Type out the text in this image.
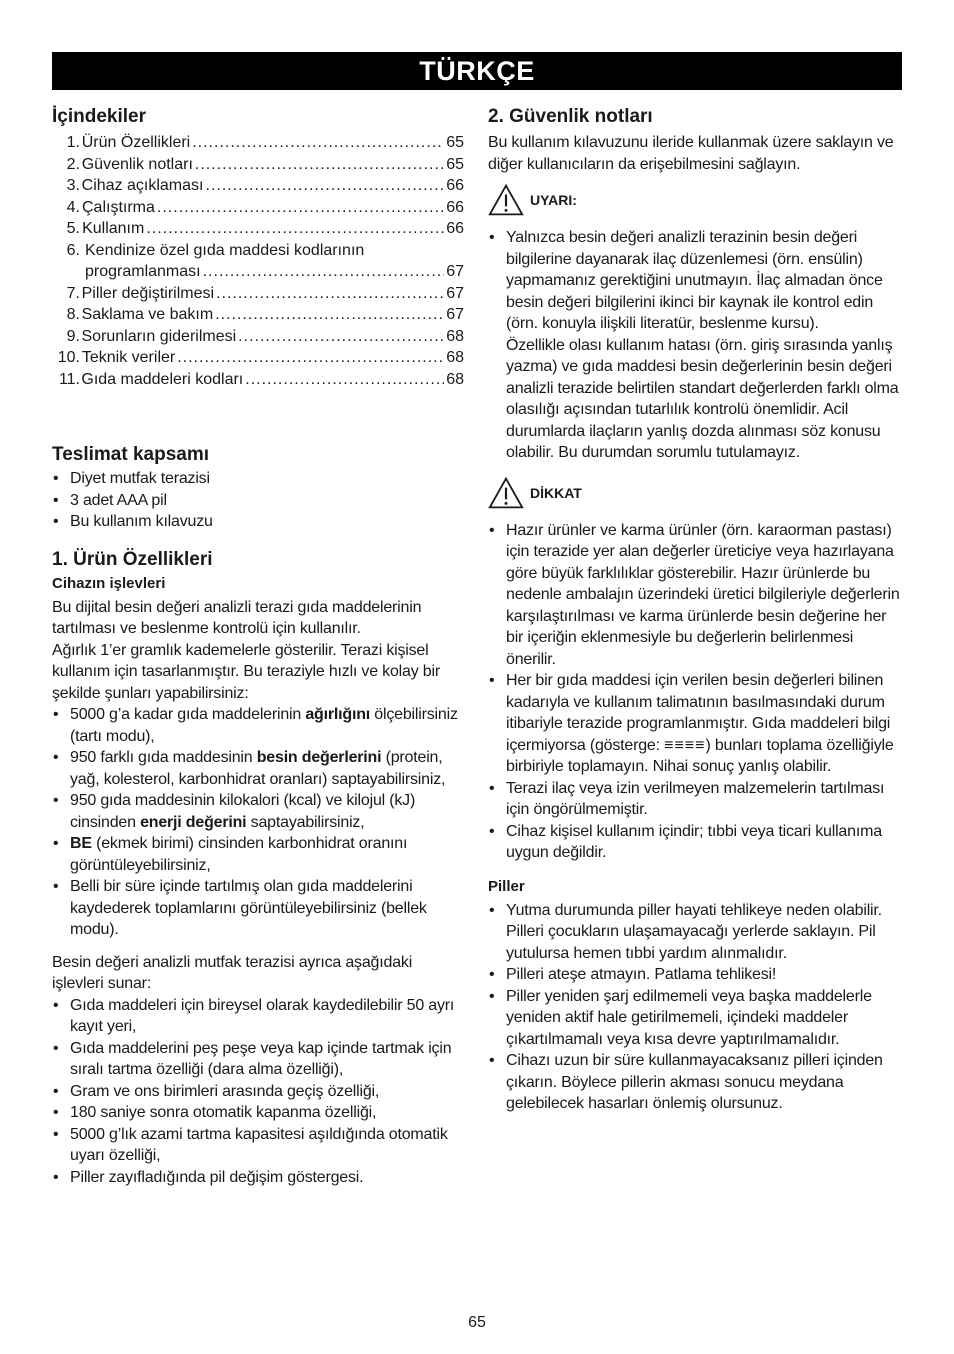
TÜRKÇE
İçindekiler
1. Ürün Özellikleri .....	65
2. Güvenlik notları .....	65
3. Cihaz açıklaması .....	66
4. Çalıştırma .....	66
5. Kullanım .....	66
6. Kendinize özel gıda maddesi kodlarının
programlanması .....	67
7. Piller değiştirilmesi .....	67
8. Saklama ve bakım .....	67
9. Sorunların giderilmesi .....	68
10. Teknik veriler .....	68
11. Gıda maddeleri kodları .....	68
Teslimat kapsamı
• Diyet mutfak terazisi
• 3 adet AAA pil
• Bu kullanım kılavuzu
1. Ürün Özellikleri
Cihazın işlevleri

Bu dijital besin değeri analizli terazi gıda maddelerinin tartılması ve beslenme kontrolü için kullanılır.

Ağırlık 1’er gramlık kademelerle gösterilir. Terazi kişisel kullanım için tasarlanmıştır. Bu teraziyle hızlı ve kolay bir şekilde şunları yapabilirsiniz:

• 5000 g’a kadar gıda maddelerinin ağırlığını ölçebilirsiniz (tartı modu),
• 950 farklı gıda maddesinin besin değerlerini (protein, yağ, kolesterol, karbonhidrat oranları) saptayabilirsiniz,
• 950 gıda maddesinin kilokalori (kcal) ve kilojul (kJ) cinsinden enerji değerini saptayabilirsiniz,
• BE (ekmek birimi) cinsinden karbonhidrat oranını görüntüleyebilirsiniz,
• Belli bir süre içinde tartılmış olan gıda maddelerini kaydederek toplamlarını görüntüleyebilirsiniz (bellek modu).

Besin değeri analizli mutfak terazisi ayrıca aşağıdaki işlevleri sunar:

• Gıda maddeleri için bireysel olarak kaydedilebilir 50 ayrı kayıt yeri,
• Gıda maddelerini peş peşe veya kap içinde tartmak için sıralı tartma özelliği (dara alma özelliği),
• Gram ve ons birimleri arasında geçiş özelliği,
• 180 saniye sonra otomatik kapanma özelliği,
• 5000 g’lık azami tartma kapasitesi aşıldığında otomatik uyarı özelliği,
• Piller zayıfladığında pil değişim göstergesi.
2. Güvenlik notları

Bu kullanım kılavuzunu ileride kullanmak üzere saklayın ve diğer kullanıcıların da erişebilmesini sağlayın.

UYARI:
• Yalnızca besin değeri analizli terazinin besin değeri bilgilerine dayanarak ilaç düzenlemesi (örn. ensülin) yapmamanız gerektiğini unutmayın. İlaç almadan önce besin değeri bilgilerini ikinci bir kaynak ile kontrol edin (örn. konuyla ilişkili literatür, beslenme kursu).
Özellikle olası kullanım hatası (örn. giriş sırasında yanlış yazma) ve gıda maddesi besin değerlerinin besin değeri analizli terazide belirtilen standart değerlerden farklı olma olasılığı açısından tutarlılık kontrolü önemlidir. Acil durumlarda ilaçların yanlış dozda alınması söz konusu olabilir. Bu durumdan sorumlu tutulamayız.
DİKKAT
• Hazır ürünler ve karma ürünler (örn. karaorman pastası) için terazide yer alan değerler üreticiye veya hazırlayana göre büyük farklılıklar gösterebilir. Hazır ürünlerde bu nedenle ambalajın üzerindeki üretici bilgileriyle değerlerin karşılaştırılması ve karma ürünlerde besin değerine her bir içeriğin eklenmesiyle bu değerlerin belirlenmesi önerilir.
• Her bir gıda maddesi için verilen besin değerleri bilinen kadarıyla ve kullanım talimatının basılmasındaki durum itibariyle terazide programlanmıştır. Gıda maddeleri bilgi içermiyorsa (gösterge: ≡≡≡≡) bunları toplama özelliğiyle birbiriyle toplamayın. Nihai sonuç yanlış olabilir.
• Terazi ilaç veya izin verilmeyen malzemelerin tartılması için öngörülmemiştir.
• Cihaz kişisel kullanım içindir; tıbbi veya ticari kullanıma uygun değildir.
Piller
• Yutma durumunda piller hayati tehlikeye neden olabilir. Pilleri çocukların ulaşamayacağı yerlerde saklayın. Pil yutulursa hemen tıbbi yardım alınmalıdır.
• Pilleri ateşe atmayın. Patlama tehlikesi!
• Piller yeniden şarj edilmemeli veya başka maddelerle yeniden aktif hale getirilmemeli, içindeki maddeler çıkartılmamalı veya kısa devre yaptırılmamalıdır.
• Cihazı uzun bir süre kullanmayacaksanız pilleri içinden çıkarın. Böylece pillerin akması sonucu meydana gelebilecek hasarları önlemiş olursunuz.
65
